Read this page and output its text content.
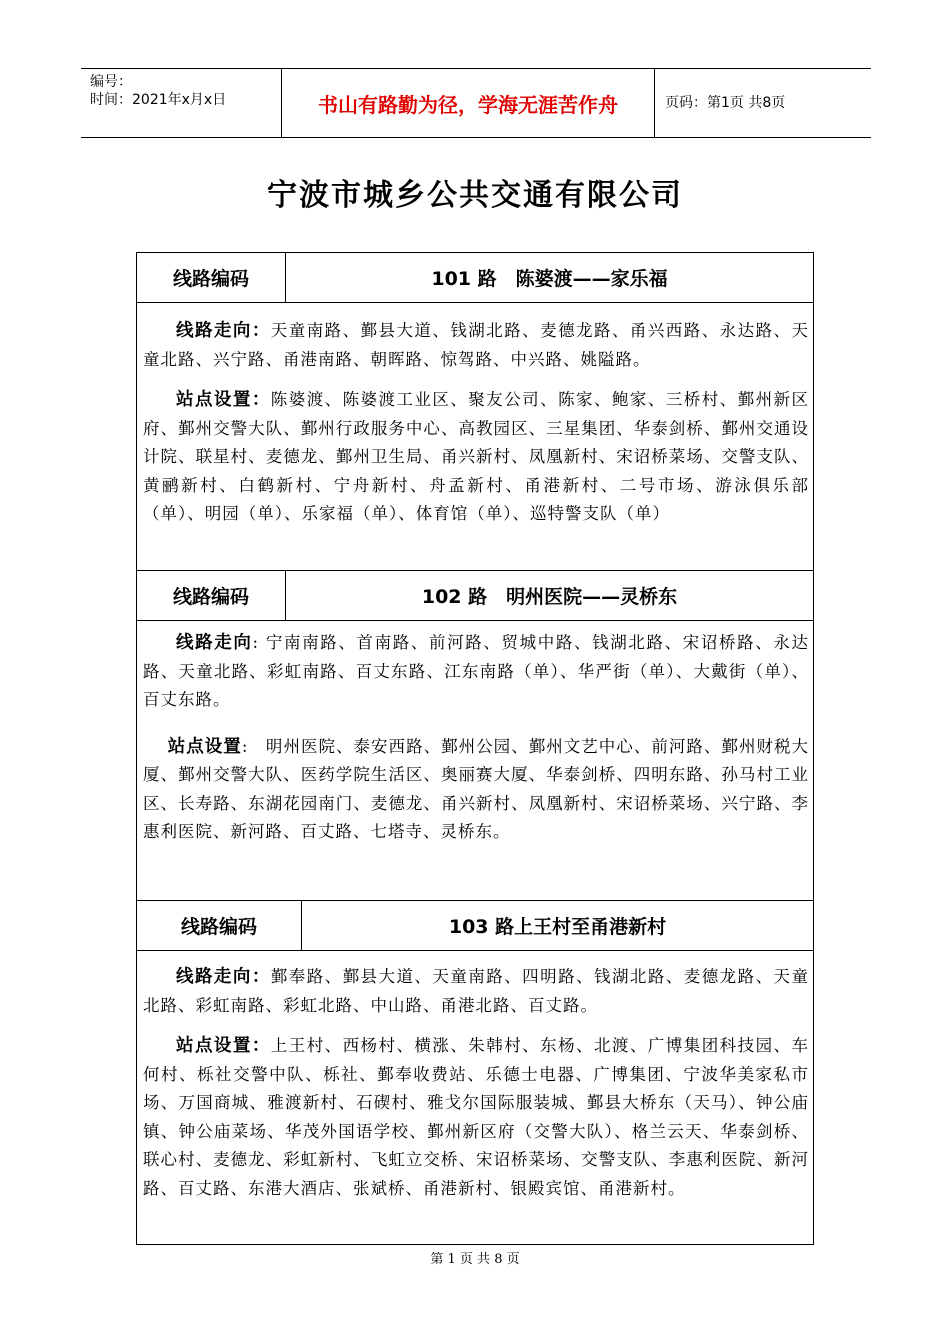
编号：
时间：2021年x月x日	书山有路勤为径，学海无涯苦作舟	页码：第1页 共8页
宁波市城乡公共交通有限公司
线路编码	101 路　陈婆渡——家乐福

线路走向：天童南路、鄞县大道、钱湖北路、麦德龙路、甬兴西路、永达路、天童北路、兴宁路、甬港南路、朝晖路、惊驾路、中兴路、姚隘路。

站点设置：陈婆渡、陈婆渡工业区、聚友公司、陈家、鲍家、三桥村、鄞州新区府、鄞州交警大队、鄞州行政服务中心、高教园区、三星集团、华泰剑桥、鄞州交通设计院、联星村、麦德龙、鄞州卫生局、甬兴新村、凤凰新村、宋诏桥菜场、交警支队、黄鹂新村、白鹤新村、宁舟新村、舟孟新村、甬港新村、二号市场、游泳俱乐部（单）、明园（单）、乐家福（单）、体育馆（单）、巡特警支队（单）

线路编码	102 路　明州医院——灵桥东

线路走向: 宁南南路、首南路、前河路、贸城中路、钱湖北路、宋诏桥路、永达路、天童北路、彩虹南路、百丈东路、江东南路（单）、华严街（单）、大戴街（单）、百丈东路。

站点设置:　明州医院、泰安西路、鄞州公园、鄞州文艺中心、前河路、鄞州财税大厦、鄞州交警大队、医药学院生活区、奥丽赛大厦、华泰剑桥、四明东路、孙马村工业区、长寿路、东湖花园南门、麦德龙、甬兴新村、凤凰新村、宋诏桥菜场、兴宁路、李惠利医院、新河路、百丈路、七塔寺、灵桥东。

线路编码	103 路上王村至甬港新村

线路走向：鄞奉路、鄞县大道、天童南路、四明路、钱湖北路、麦德龙路、天童北路、彩虹南路、彩虹北路、中山路、甬港北路、百丈路。

站点设置：上王村、西杨村、横涨、朱韩村、东杨、北渡、广博集团科技园、车何村、栎社交警中队、栎社、鄞奉收费站、乐德士电器、广博集团、宁波华美家私市场、万国商城、雅渡新村、石碶村、雅戈尔国际服装城、鄞县大桥东（天马）、钟公庙镇、钟公庙菜场、华茂外国语学校、鄞州新区府（交警大队）、格兰云天、华泰剑桥、联心村、麦德龙、彩虹新村、飞虹立交桥、宋诏桥菜场、交警支队、李惠利医院、新河路、百丈路、东港大酒店、张斌桥、甬港新村、银殿宾馆、甬港新村。

第 1 页 共 8 页
